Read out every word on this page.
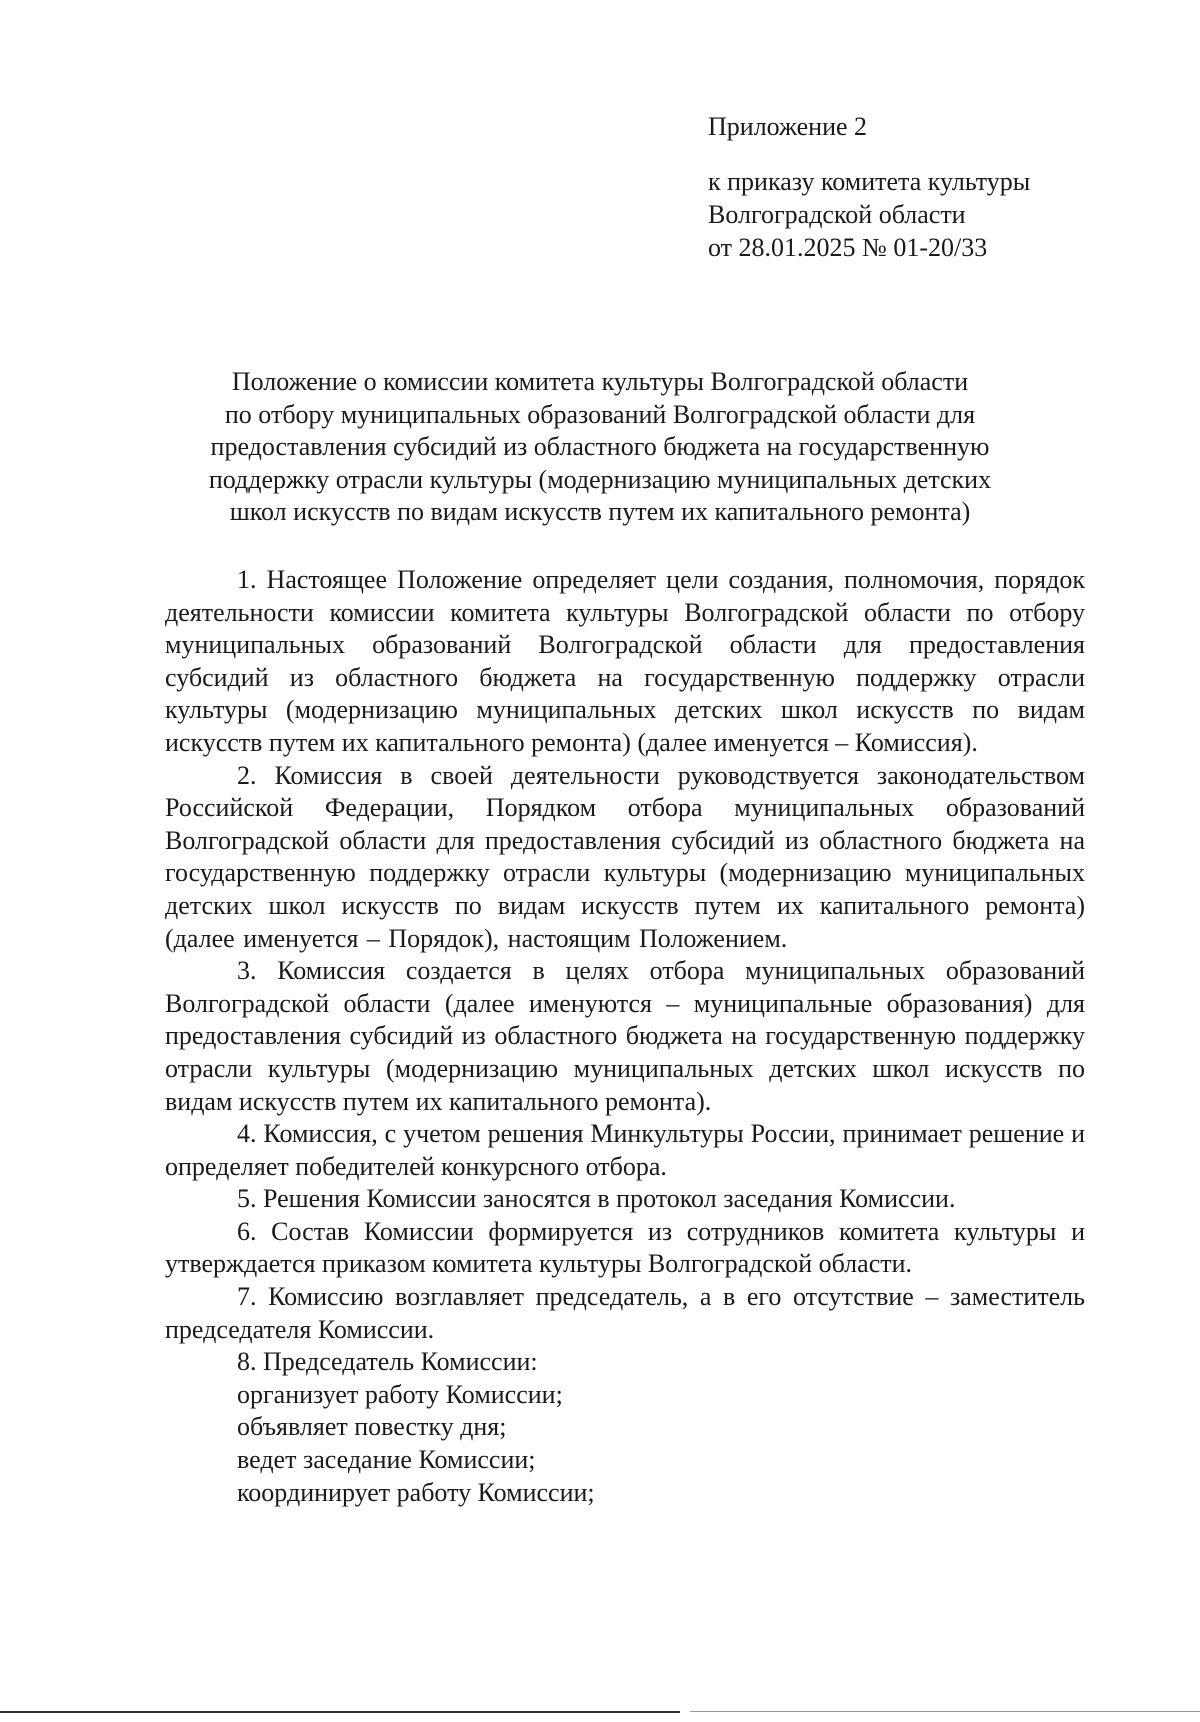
Приложение 2
к приказу комитета культуры
Волгоградской области
от 28.01.2025 № 01-20/33
Положение о комиссии комитета культуры Волгоградской области
по отбору муниципальных образований Волгоградской области для
предоставления субсидий из областного бюджета на государственную
поддержку отрасли культуры (модернизацию муниципальных детских
школ искусств по видам искусств путем их капитального ремонта)

1. Настоящее Положение определяет цели создания, полномочия, порядок деятельности комиссии комитета культуры Волгоградской области по отбору муниципальных образований Волгоградской области для предоставления субсидий из областного бюджета на государственную поддержку отрасли культуры (модернизацию муниципальных детских школ искусств по видам искусств путем их капитального ремонта) (далее именуется – Комиссия).

2. Комиссия в своей деятельности руководствуется законодательством Российской Федерации, Порядком отбора муниципальных образований Волгоградской области для предоставления субсидий из областного бюджета на государственную поддержку отрасли культуры (модернизацию муниципальных детских школ искусств по видам искусств путем их капитального ремонта) (далее именуется – Порядок), настоящим Положением.

3. Комиссия создается в целях отбора муниципальных образований Волгоградской области (далее именуются – муниципальные образования) для предоставления субсидий из областного бюджета на государственную поддержку отрасли культуры (модернизацию муниципальных детских школ искусств по видам искусств путем их капитального ремонта).

4. Комиссия, с учетом решения Минкультуры России, принимает решение и определяет победителей конкурсного отбора.

5. Решения Комиссии заносятся в протокол заседания Комиссии.

6. Состав Комиссии формируется из сотрудников комитета культуры и утверждается приказом комитета культуры Волгоградской области.

7. Комиссию возглавляет председатель, а в его отсутствие – заместитель председателя Комиссии.

8. Председатель Комиссии:

организует работу Комиссии;

объявляет повестку дня;

ведет заседание Комиссии;

координирует работу Комиссии;
